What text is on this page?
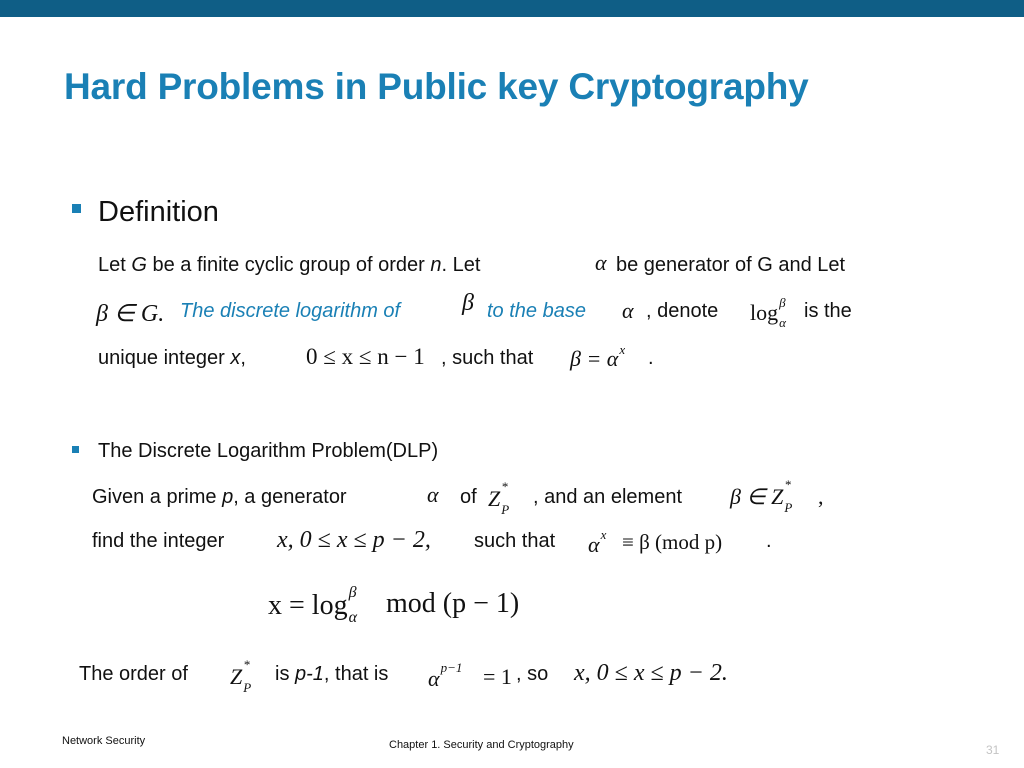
Hard Problems in Public key Cryptography
Definition
Let G be a finite cyclic group of order n. Let	α be generator of G and Let
β ∈ G. The discrete logarithm of	β to the base α , denote log β
α
is the
unique integer x,	0 ≤ x ≤ n − 1 , such that β = α x .
The Discrete Logarithm Problem(DLP)
Given a prime p, a generator	α of Z *
P
, and an element β ∈ Z *
P ,
find the integer x, 0 ≤ x ≤ p − 2, such that α x ≡ β (mod p) .
x = log β
α mod (p − 1)
The order of Z *
P
is p-1, that is α p−1 = 1 , so x, 0 ≤ x ≤ p − 2.
Network Security	Chapter 1. Security and Cryptography	31
